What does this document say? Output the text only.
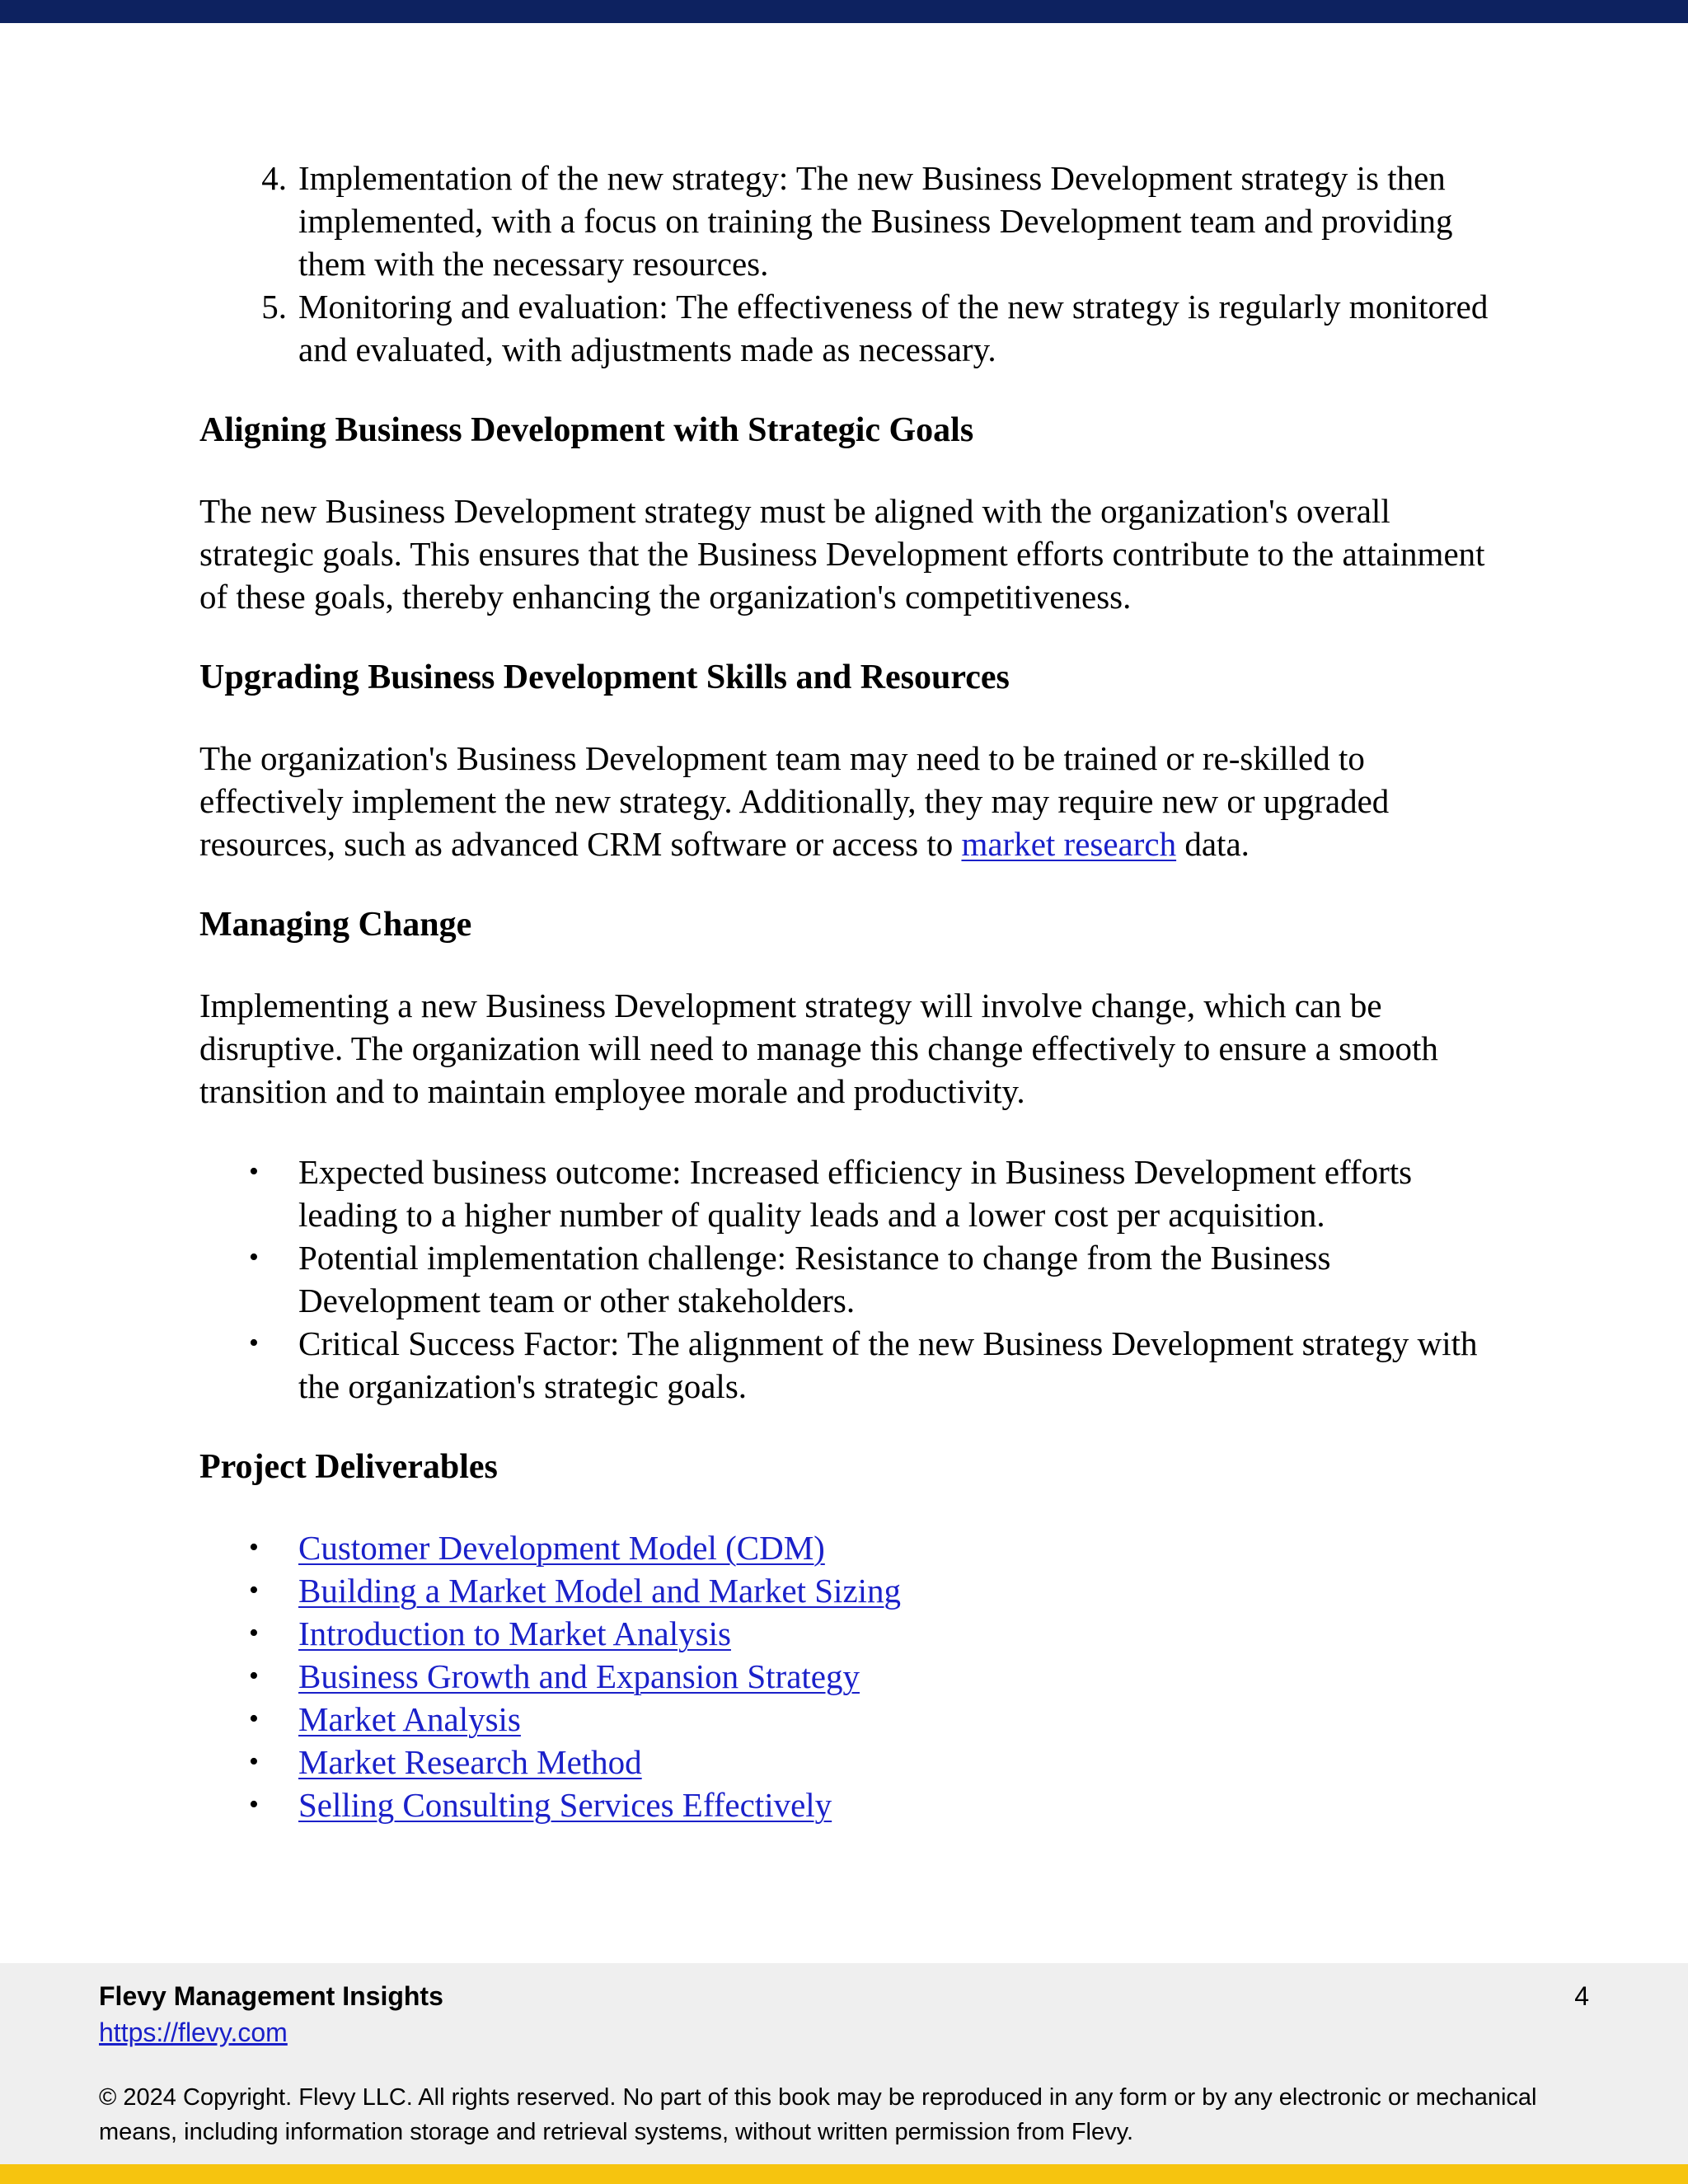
4. Implementation of the new strategy: The new Business Development strategy is then implemented, with a focus on training the Business Development team and providing them with the necessary resources.
5. Monitoring and evaluation: The effectiveness of the new strategy is regularly monitored and evaluated, with adjustments made as necessary.
Aligning Business Development with Strategic Goals

The new Business Development strategy must be aligned with the organization's overall strategic goals. This ensures that the Business Development efforts contribute to the attainment of these goals, thereby enhancing the organization's competitiveness.

Upgrading Business Development Skills and Resources

The organization's Business Development team may need to be trained or re-skilled to effectively implement the new strategy. Additionally, they may require new or upgraded resources, such as advanced CRM software or access to market research data.

Managing Change

Implementing a new Business Development strategy will involve change, which can be disruptive. The organization will need to manage this change effectively to ensure a smooth transition and to maintain employee morale and productivity.

• Expected business outcome: Increased efficiency in Business Development efforts leading to a higher number of quality leads and a lower cost per acquisition.
• Potential implementation challenge: Resistance to change from the Business Development team or other stakeholders.
• Critical Success Factor: The alignment of the new Business Development strategy with the organization's strategic goals.
Project Deliverables
• Customer Development Model (CDM)
• Building a Market Model and Market Sizing
• Introduction to Market Analysis
• Business Growth and Expansion Strategy
• Market Analysis
• Market Research Method
• Selling Consulting Services Effectively
Flevy Management Insights
https://flevy.com
4
© 2024 Copyright. Flevy LLC. All rights reserved. No part of this book may be reproduced in any form or by any electronic or mechanical means, including information storage and retrieval systems, without written permission from Flevy.
